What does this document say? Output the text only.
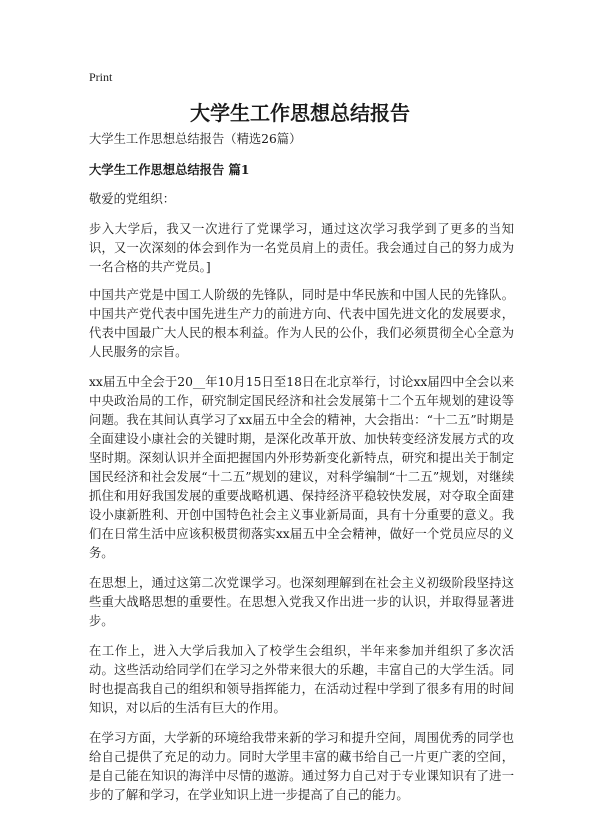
Print
大学生工作思想总结报告

大学生工作思想总结报告（精选26篇）

大学生工作思想总结报告 篇1

敬爱的党组织：

步入大学后，我又一次进行了党课学习，通过这次学习我学到了更多的当知识，又一次深刻的体会到作为一名党员肩上的责任。我会通过自己的努力成为一名合格的共产党员。]

中国共产党是中国工人阶级的先锋队，同时是中华民族和中国人民的先锋队。中国共产党代表中国先进生产力的前进方向、代表中国先进文化的发展要求，代表中国最广大人民的根本利益。作为人民的公仆，我们必须贯彻全心全意为人民服务的宗旨。

xx届五中全会于20__年10月15日至18日在北京举行，讨论xx届四中全会以来中央政治局的工作，研究制定国民经济和社会发展第十二个五年规划的建设等问题。我在其间认真学习了xx届五中全会的精神，大会指出：“十二五”时期是全面建设小康社会的关键时期，是深化改革开放、加快转变经济发展方式的攻坚时期。深刻认识并全面把握国内外形势新变化新特点，研究和提出关于制定国民经济和社会发展“十二五”规划的建议，对科学编制“十二五”规划，对继续抓住和用好我国发展的重要战略机遇、保持经济平稳较快发展，对夺取全面建设小康新胜利、开创中国特色社会主义事业新局面，具有十分重要的意义。我们在日常生活中应该积极贯彻落实xx届五中全会精神，做好一个党员应尽的义务。

在思想上，通过这第二次党课学习。也深刻理解到在社会主义初级阶段坚持这些重大战略思想的重要性。在思想入党我又作出进一步的认识，并取得显著进步。

在工作上，进入大学后我加入了校学生会组织，半年来参加并组织了多次活动。这些活动给同学们在学习之外带来很大的乐趣，丰富自己的大学生活。同时也提高我自己的组织和领导指挥能力，在活动过程中学到了很多有用的时间知识，对以后的生活有巨大的作用。

在学习方面，大学新的环境给我带来新的学习和提升空间，周围优秀的同学也给自己提供了充足的动力。同时大学里丰富的藏书给自己一片更广袤的空间，是自己能在知识的海洋中尽情的遨游。通过努力自己对于专业课知识有了进一步的了解和学习，在学业知识上进一步提高了自己的能力。
